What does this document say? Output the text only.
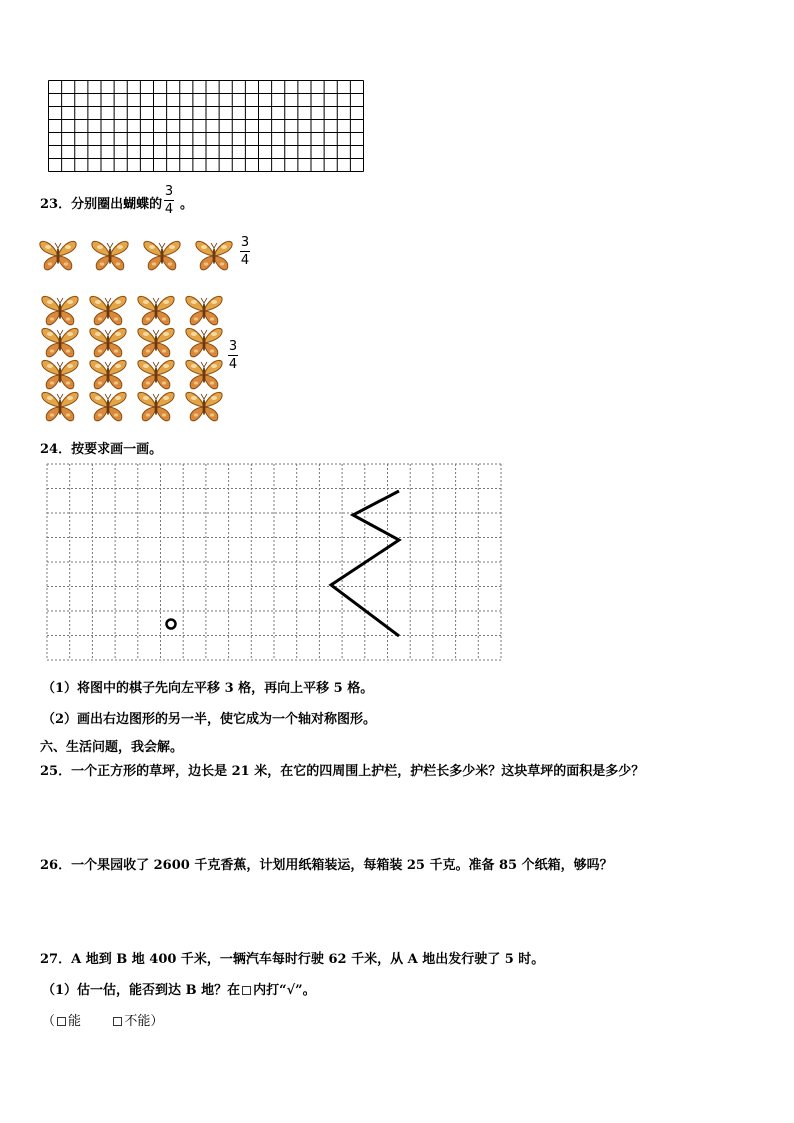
23．分别圈出蝴蝶的
3
4 。
3
4
3
4
24．按要求画一画。
（1）将图中的棋子先向左平移 3 格，再向上平移 5 格。
（2）画出右边图形的另一半，使它成为一个轴对称图形。
六、生活问题，我会解。
25．一个正方形的草坪，边长是 21 米，在它的四周围上护栏，护栏长多少米？这块草坪的面积是多少？
26．一个果园收了 2600 千克香蕉，计划用纸箱装运，每箱装 25 千克。准备 85 个纸箱，够吗？
27．A 地到 B 地 400 千米，一辆汽车每时行驶 62 千米，从 A 地出发行驶了 5 时。
（1）估一估，能否到达 B 地？在 内打“√”。
（ 能	不能）
